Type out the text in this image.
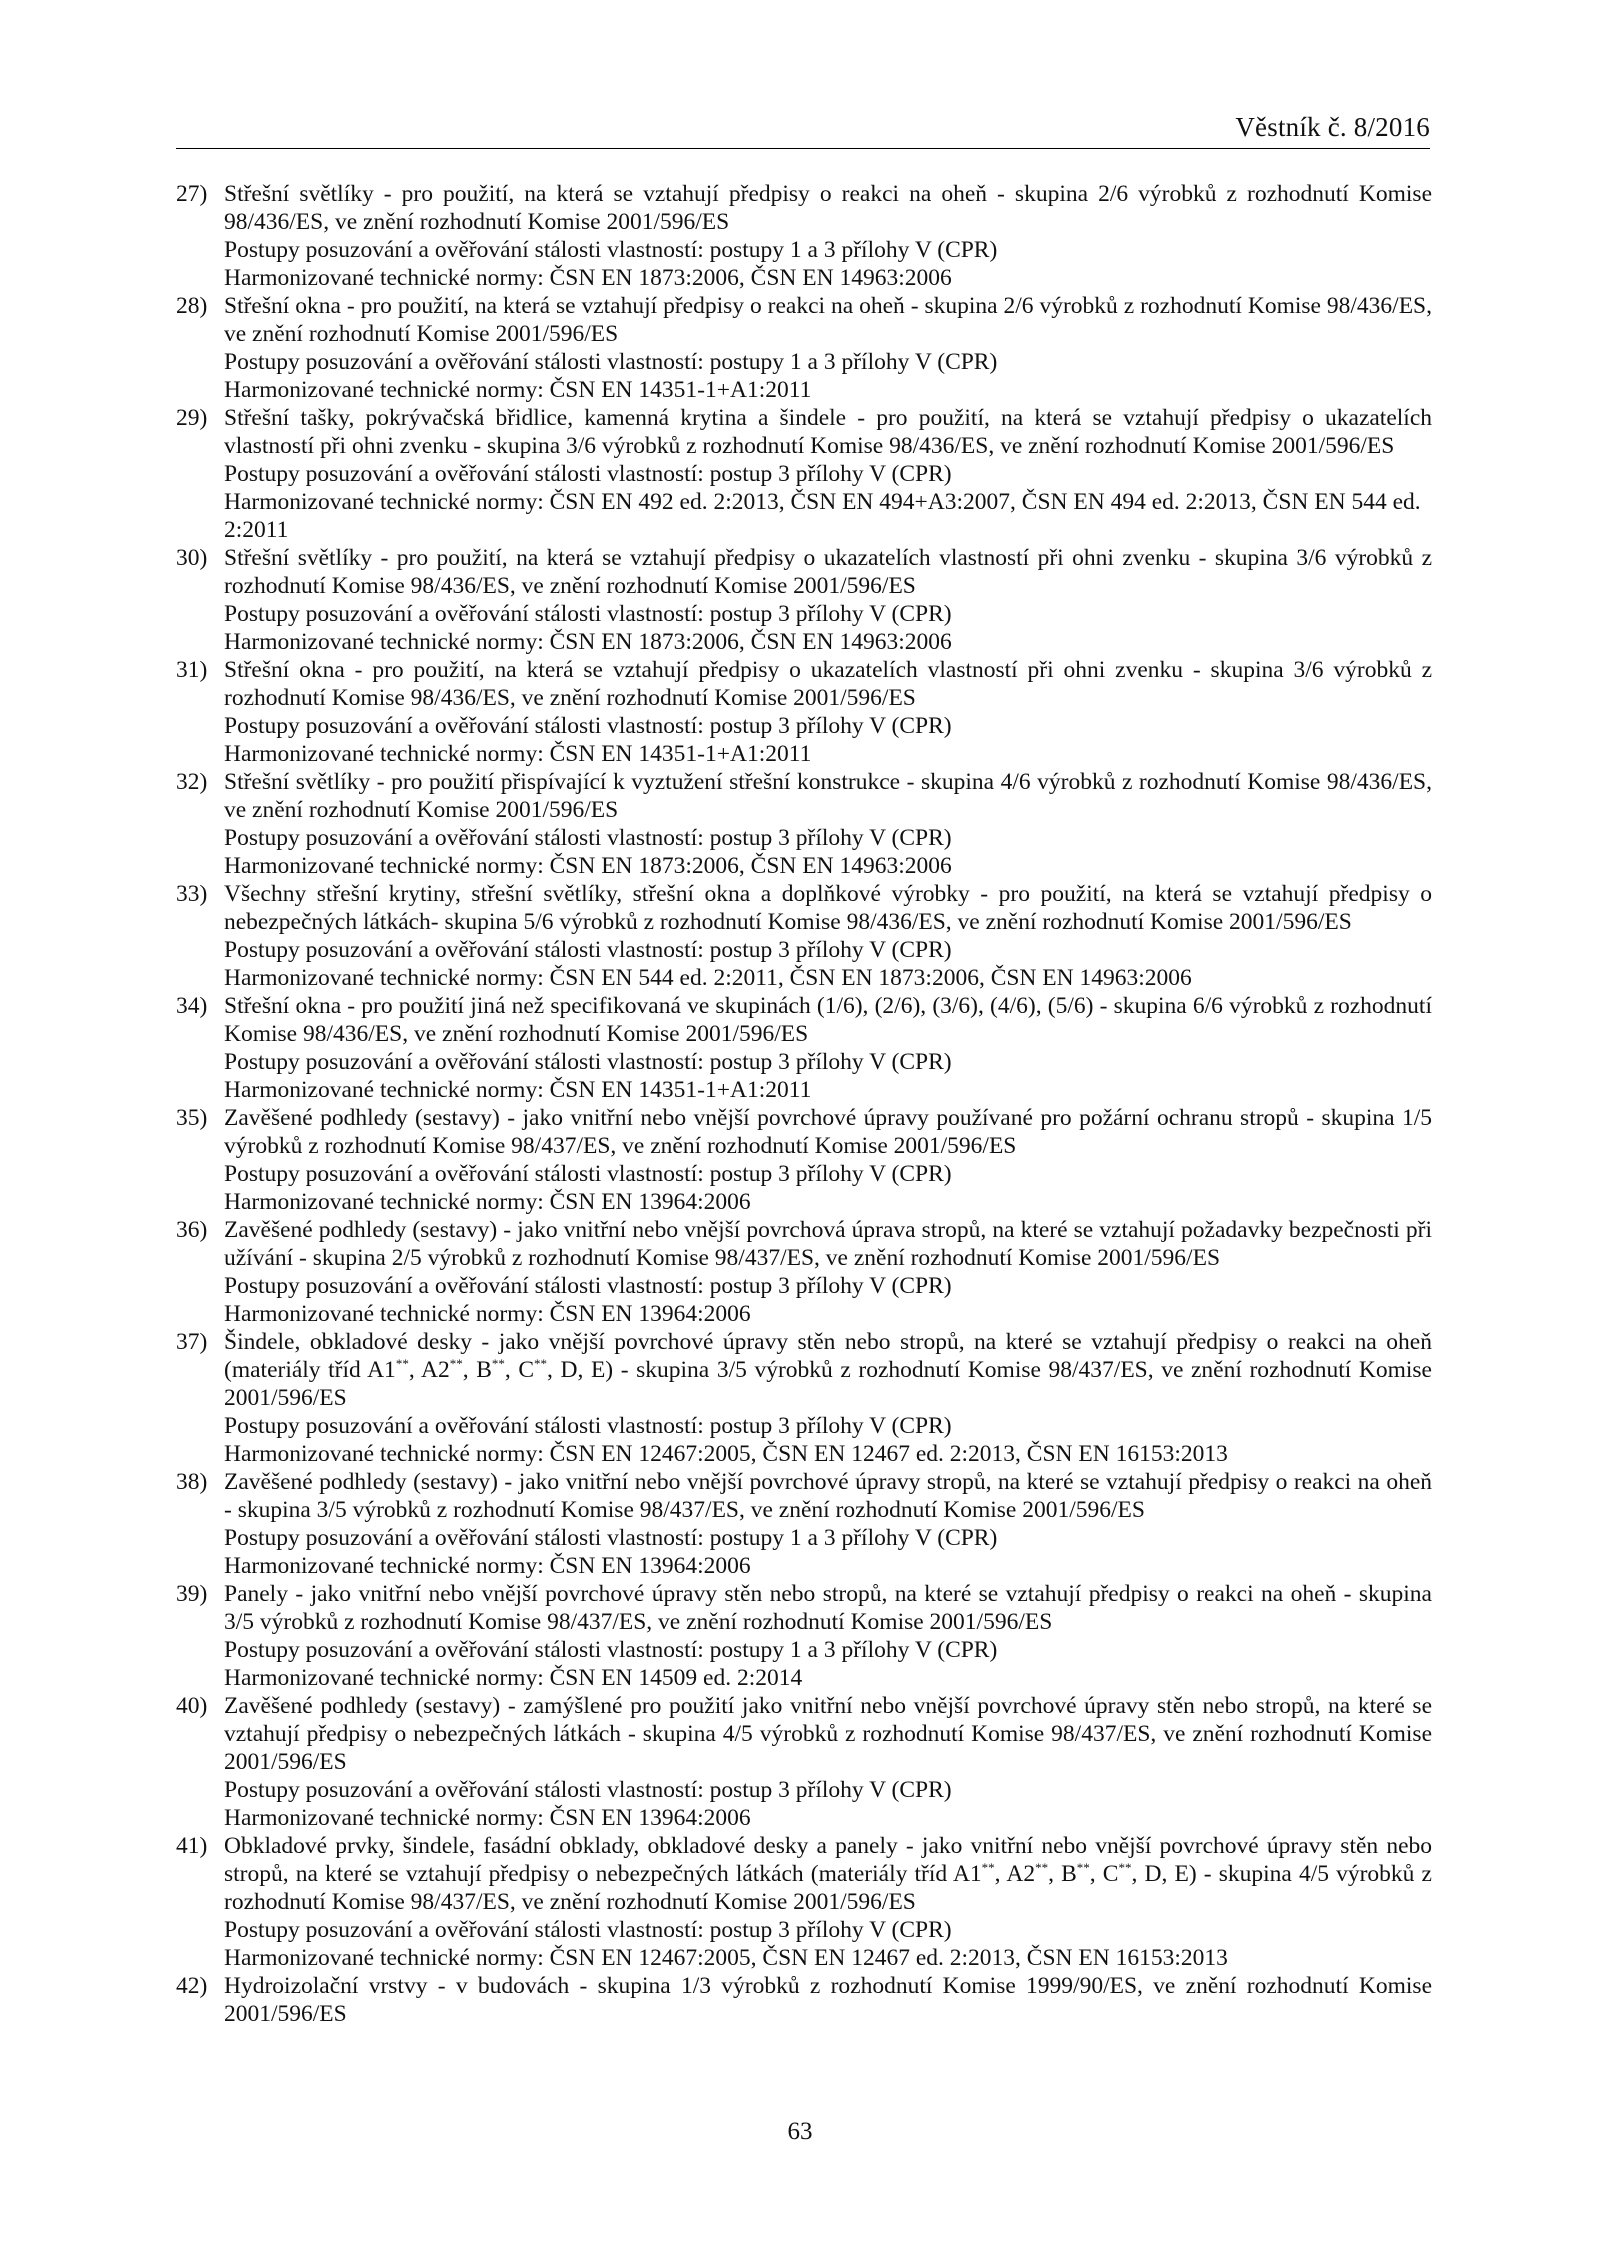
Věstník č. 8/2016
27) Střešní světlíky - pro použití, na která se vztahují předpisy o reakci na oheň - skupina 2/6 výrobků z rozhodnutí Komise 98/436/ES, ve znění rozhodnutí Komise 2001/596/ES
Postupy posuzování a ověřování stálosti vlastností: postupy 1 a 3 přílohy V (CPR)
Harmonizované technické normy: ČSN EN 1873:2006, ČSN EN 14963:2006
28) Střešní okna - pro použití, na která se vztahují předpisy o reakci na oheň - skupina 2/6 výrobků z rozhodnutí Komise 98/436/ES, ve znění rozhodnutí Komise 2001/596/ES
Postupy posuzování a ověřování stálosti vlastností: postupy 1 a 3 přílohy V (CPR)
Harmonizované technické normy: ČSN EN 14351-1+A1:2011
29) Střešní tašky, pokrývačská břidlice, kamenná krytina a šindele - pro použití, na která se vztahují předpisy o ukazatelích vlastností při ohni zvenku - skupina 3/6 výrobků z rozhodnutí Komise 98/436/ES, ve znění rozhodnutí Komise 2001/596/ES
Postupy posuzování a ověřování stálosti vlastností: postup 3 přílohy V (CPR)
Harmonizované technické normy: ČSN EN 492 ed. 2:2013, ČSN EN 494+A3:2007, ČSN EN 494 ed. 2:2013, ČSN EN 544 ed. 2:2011
30) Střešní světlíky - pro použití, na která se vztahují předpisy o ukazatelích vlastností při ohni zvenku - skupina 3/6 výrobků z rozhodnutí Komise 98/436/ES, ve znění rozhodnutí Komise 2001/596/ES
Postupy posuzování a ověřování stálosti vlastností: postup 3 přílohy V (CPR)
Harmonizované technické normy: ČSN EN 1873:2006, ČSN EN 14963:2006
31) Střešní okna - pro použití, na která se vztahují předpisy o ukazatelích vlastností při ohni zvenku - skupina 3/6 výrobků z rozhodnutí Komise 98/436/ES, ve znění rozhodnutí Komise 2001/596/ES
Postupy posuzování a ověřování stálosti vlastností: postup 3 přílohy V (CPR)
Harmonizované technické normy: ČSN EN 14351-1+A1:2011
32) Střešní světlíky - pro použití přispívající k vyztužení střešní konstrukce - skupina 4/6 výrobků z rozhodnutí Komise 98/436/ES, ve znění rozhodnutí Komise 2001/596/ES
Postupy posuzování a ověřování stálosti vlastností: postup 3 přílohy V (CPR)
Harmonizované technické normy: ČSN EN 1873:2006, ČSN EN 14963:2006
33) Všechny střešní krytiny, střešní světlíky, střešní okna a doplňkové výrobky - pro použití, na která se vztahují předpisy o nebezpečných látkách- skupina 5/6 výrobků z rozhodnutí Komise 98/436/ES, ve znění rozhodnutí Komise 2001/596/ES
Postupy posuzování a ověřování stálosti vlastností: postup 3 přílohy V (CPR)
Harmonizované technické normy: ČSN EN 544 ed. 2:2011, ČSN EN 1873:2006, ČSN EN 14963:2006
34) Střešní okna - pro použití jiná než specifikovaná ve skupinách (1/6), (2/6), (3/6), (4/6), (5/6) - skupina 6/6 výrobků z rozhodnutí Komise 98/436/ES, ve znění rozhodnutí Komise 2001/596/ES
Postupy posuzování a ověřování stálosti vlastností: postup 3 přílohy V (CPR)
Harmonizované technické normy: ČSN EN 14351-1+A1:2011
35) Zavěšené podhledy (sestavy) - jako vnitřní nebo vnější povrchové úpravy používané pro požární ochranu stropů - skupina 1/5 výrobků z rozhodnutí Komise 98/437/ES, ve znění rozhodnutí Komise 2001/596/ES
Postupy posuzování a ověřování stálosti vlastností: postup 3 přílohy V (CPR)
Harmonizované technické normy: ČSN EN 13964:2006
36) Zavěšené podhledy (sestavy) - jako vnitřní nebo vnější povrchová úprava stropů, na které se vztahují požadavky bezpečnosti při užívání - skupina 2/5 výrobků z rozhodnutí Komise 98/437/ES, ve znění rozhodnutí Komise 2001/596/ES
Postupy posuzování a ověřování stálosti vlastností: postup 3 přílohy V (CPR)
Harmonizované technické normy: ČSN EN 13964:2006
37) Šindele, obkladové desky - jako vnější povrchové úpravy stěn nebo stropů, na které se vztahují předpisy o reakci na oheň (materiály tříd A1**, A2**, B**, C**, D, E) - skupina 3/5 výrobků z rozhodnutí Komise 98/437/ES, ve znění rozhodnutí Komise 2001/596/ES
Postupy posuzování a ověřování stálosti vlastností: postup 3 přílohy V (CPR)
Harmonizované technické normy: ČSN EN 12467:2005, ČSN EN 12467 ed. 2:2013, ČSN EN 16153:2013
38) Zavěšené podhledy (sestavy) - jako vnitřní nebo vnější povrchové úpravy stropů, na které se vztahují předpisy o reakci na oheň - skupina 3/5 výrobků z rozhodnutí Komise 98/437/ES, ve znění rozhodnutí Komise 2001/596/ES
Postupy posuzování a ověřování stálosti vlastností: postupy 1 a 3 přílohy V (CPR)
Harmonizované technické normy: ČSN EN 13964:2006
39) Panely - jako vnitřní nebo vnější povrchové úpravy stěn nebo stropů, na které se vztahují předpisy o reakci na oheň - skupina 3/5 výrobků z rozhodnutí Komise 98/437/ES, ve znění rozhodnutí Komise 2001/596/ES
Postupy posuzování a ověřování stálosti vlastností: postupy 1 a 3 přílohy V (CPR)
Harmonizované technické normy: ČSN EN 14509 ed. 2:2014
40) Zavěšené podhledy (sestavy) - zamýšlené pro použití jako vnitřní nebo vnější povrchové úpravy stěn nebo stropů, na které se vztahují předpisy o nebezpečných látkách - skupina 4/5 výrobků z rozhodnutí Komise 98/437/ES, ve znění rozhodnutí Komise 2001/596/ES
Postupy posuzování a ověřování stálosti vlastností: postup 3 přílohy V (CPR)
Harmonizované technické normy: ČSN EN 13964:2006
41) Obkladové prvky, šindele, fasádní obklady, obkladové desky a panely - jako vnitřní nebo vnější povrchové úpravy stěn nebo stropů, na které se vztahují předpisy o nebezpečných látkách (materiály tříd A1**, A2**, B**, C**, D, E) - skupina 4/5 výrobků z rozhodnutí Komise 98/437/ES, ve znění rozhodnutí Komise 2001/596/ES
Postupy posuzování a ověřování stálosti vlastností: postup 3 přílohy V (CPR)
Harmonizované technické normy: ČSN EN 12467:2005, ČSN EN 12467 ed. 2:2013, ČSN EN 16153:2013
42) Hydroizolační vrstvy - v budovách - skupina 1/3 výrobků z rozhodnutí Komise 1999/90/ES, ve znění rozhodnutí Komise 2001/596/ES
63
